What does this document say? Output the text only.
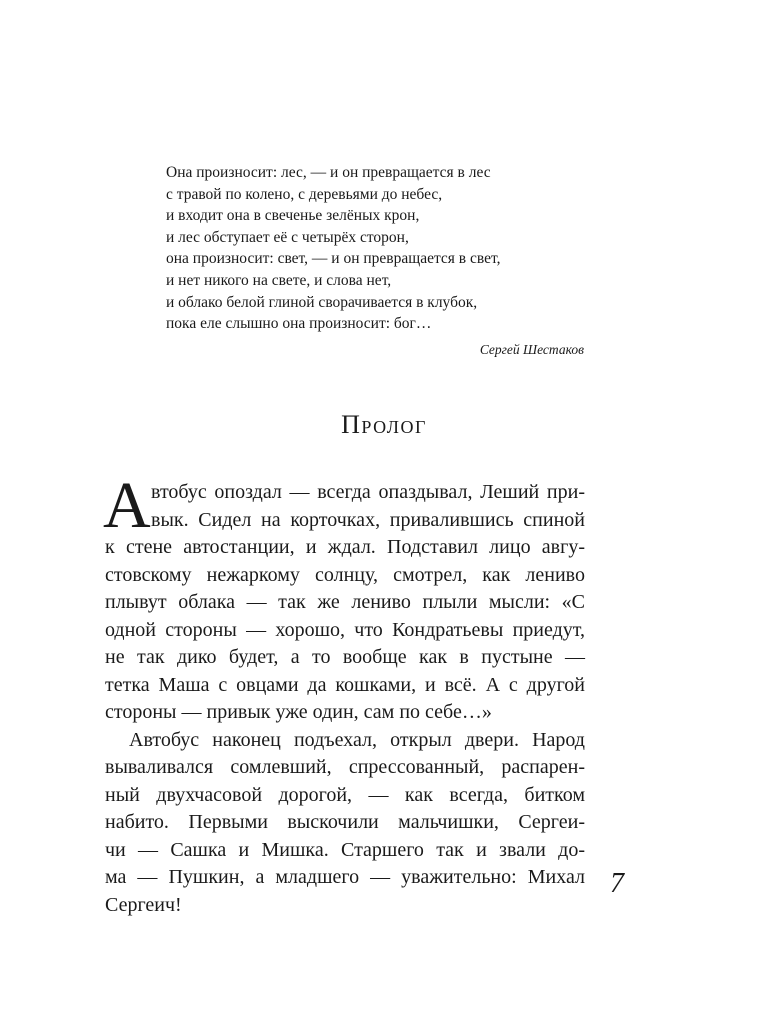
Она произносит: лес, — и он превращается в лес
с травой по колено, с деревьями до небес,
и входит она в свеченье зелёных крон,
и лес обступает её с четырёх сторон,
она произносит: свет, — и он превращается в свет,
и нет никого на свете, и слова нет,
и облако белой глиной сворачивается в клубок,
пока еле слышно она произносит: бог…
Сергей Шестаков
Пролог
А втобус опоздал — всегда опаздывал, Леший при-
вык. Сидел на корточках, привалившись спиной
к стене автостанции, и ждал. Подставил лицо авгу-
стовскому нежаркому солнцу, смотрел, как лениво
плывут облака — так же лениво плыли мысли: «С
одной стороны — хорошо, что Кондратьевы приедут,
не так дико будет, а то вообще как в пустыне —
тетка Маша с овцами да кошками, и всё. А с другой
стороны — привык уже один, сам по себе…»
Автобус наконец подъехал, открыл двери. Народ
вываливался сомлевший, спрессованный, распарен-
ный двухчасовой дорогой, — как всегда, битком
набито. Первыми выскочили мальчишки, Сергеи-
чи — Сашка и Мишка. Старшего так и звали до-
ма — Пушкин, а младшего — уважительно: Михал
Сергеич!
7
